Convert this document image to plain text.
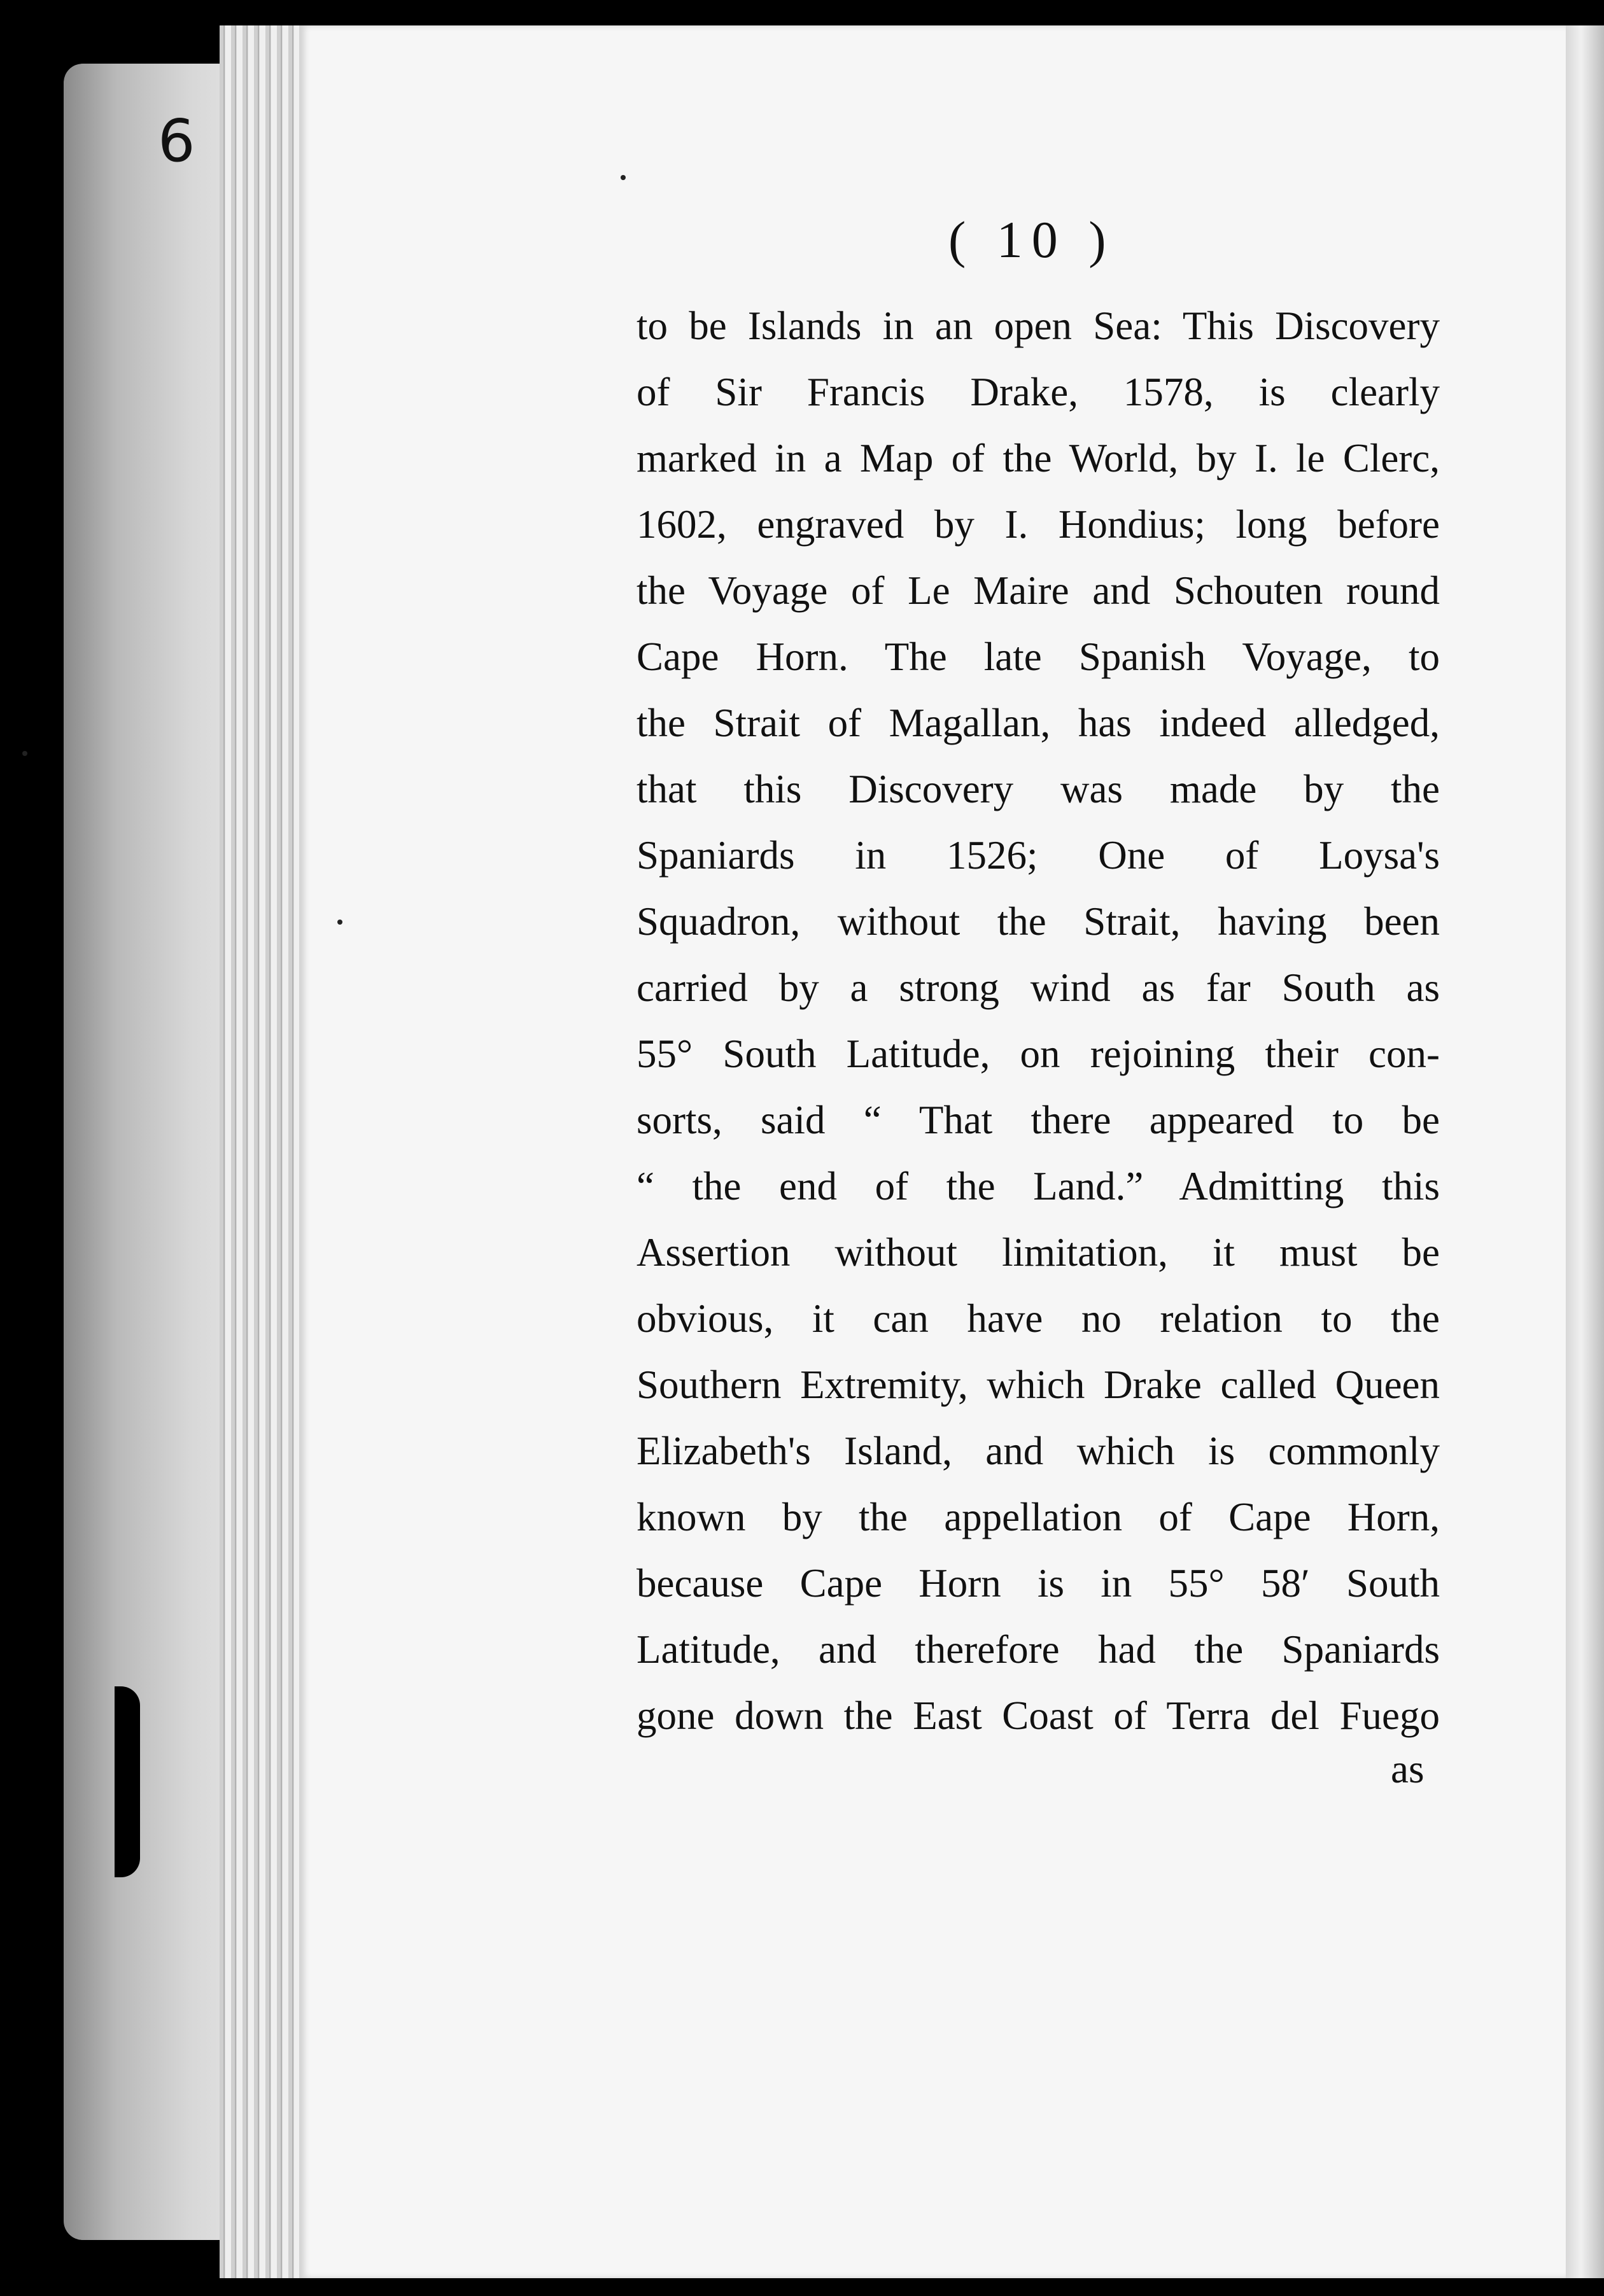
6
( 10 )
to be Islands in an open Sea: This Discovery
of Sir Francis Drake, 1578, is clearly
marked in a Map of the World, by I. le Clerc,
1602, engraved by I. Hondius; long before
the Voyage of Le Maire and Schouten round
Cape Horn. The late Spanish Voyage, to
the Strait of Magallan, has indeed alledged,
that this Discovery was made by the
Spaniards in 1526; One of Loysa's
Squadron, without the Strait, having been
carried by a strong wind as far South as
55° South Latitude, on rejoining their con-
sorts, said “ That there appeared to be
“ the end of the Land.” Admitting this
Assertion without limitation, it must be
obvious, it can have no relation to the
Southern Extremity, which Drake called Queen
Elizabeth's Island, and which is commonly
known by the appellation of Cape Horn,
because Cape Horn is in 55° 58′ South
Latitude, and therefore had the Spaniards
gone down the East Coast of Terra del Fuego
as
